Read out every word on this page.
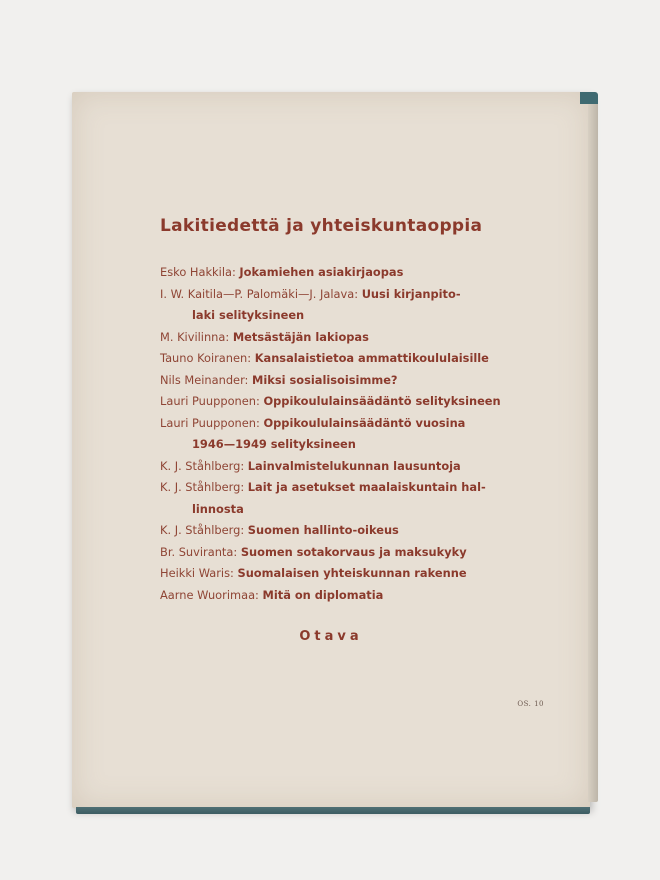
Lakitiedettä ja yhteiskuntaoppia
Esko Hakkila: Jokamiehen asiakirjaopas
I. W. Kaitila—P. Palomäki—J. Jalava: Uusi kirjanpito-
laki selityksineen
M. Kivilinna: Metsästäjän lakiopas
Tauno Koiranen: Kansalaistietoa ammattikoululaisille
Nils Meinander: Miksi sosialisoisimme?
Lauri Puupponen: Oppikoululainsäädäntö selityksineen
Lauri Puupponen: Oppikoululainsäädäntö vuosina
1946—1949 selityksineen
K. J. Ståhlberg: Lainvalmistelukunnan lausuntoja
K. J. Ståhlberg: Lait ja asetukset maalaiskuntain hal-
linnosta
K. J. Ståhlberg: Suomen hallinto-oikeus
Br. Suviranta: Suomen sotakorvaus ja maksukyky
Heikki Waris: Suomalaisen yhteiskunnan rakenne
Aarne Wuorimaa: Mitä on diplomatia
Otava
OS. 10
